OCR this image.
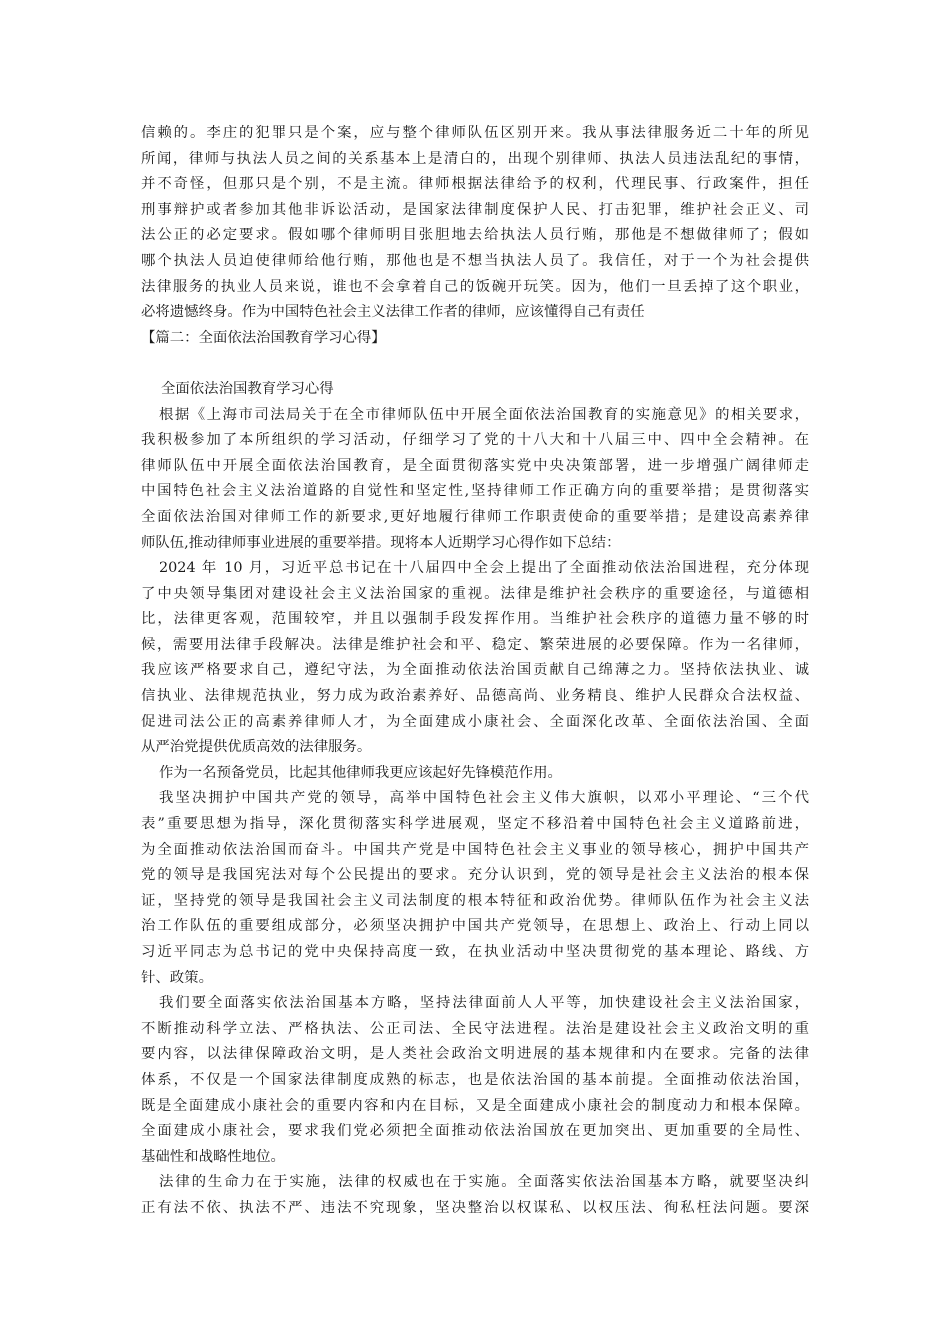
信赖的。李庄的犯罪只是个案，应与整个律师队伍区别开来。我从事法律服务近二十年的所见
所闻，律师与执法人员之间的关系基本上是清白的，出现个别律师、执法人员违法乱纪的事情，
并不奇怪，但那只是个别，不是主流。律师根据法律给予的权利，代理民事、行政案件，担任
刑事辩护或者参加其他非诉讼活动，是国家法律制度保护人民、打击犯罪，维护社会正义、司
法公正的必定要求。假如哪个律师明目张胆地去给执法人员行贿，那他是不想做律师了；假如
哪个执法人员迫使律师给他行贿，那他也是不想当执法人员了。我信任，对于一个为社会提供
法律服务的执业人员来说，谁也不会拿着自己的饭碗开玩笑。因为，他们一旦丢掉了这个职业，
必将遗憾终身。作为中国特色社会主义法律工作者的律师，应该懂得自己有责任
【篇二：全面依法治国教育学习心得】
全面依法治国教育学习心得
根据《上海市司法局关于在全市律师队伍中开展全面依法治国教育的实施意见》的相关要求，
我积极参加了本所组织的学习活动，仔细学习了党的十八大和十八届三中、四中全会精神。在
律师队伍中开展全面依法治国教育，是全面贯彻落实党中央决策部署，进一步增强广阔律师走
中国特色社会主义法治道路的自觉性和坚定性,坚持律师工作正确方向的重要举措；是贯彻落实
全面依法治国对律师工作的新要求,更好地履行律师工作职责使命的重要举措；是建设高素养律
师队伍,推动律师事业进展的重要举措。现将本人近期学习心得作如下总结：
2024 年 10 月，习近平总书记在十八届四中全会上提出了全面推动依法治国进程，充分体现
了中央领导集团对建设社会主义法治国家的重视。法律是维护社会秩序的重要途径，与道德相
比，法律更客观，范围较窄，并且以强制手段发挥作用。当维护社会秩序的道德力量不够的时
候，需要用法律手段解决。法律是维护社会和平、稳定、繁荣进展的必要保障。作为一名律师，
我应该严格要求自己，遵纪守法，为全面推动依法治国贡献自己绵薄之力。坚持依法执业、诚
信执业、法律规范执业，努力成为政治素养好、品德高尚、业务精良、维护人民群众合法权益、
促进司法公正的高素养律师人才，为全面建成小康社会、全面深化改革、全面依法治国、全面
从严治党提供优质高效的法律服务。
作为一名预备党员，比起其他律师我更应该起好先锋模范作用。
我坚决拥护中国共产党的领导，高举中国特色社会主义伟大旗帜，以邓小平理论、“三个代
表”重要思想为指导，深化贯彻落实科学进展观，坚定不移沿着中国特色社会主义道路前进，
为全面推动依法治国而奋斗。中国共产党是中国特色社会主义事业的领导核心，拥护中国共产
党的领导是我国宪法对每个公民提出的要求。充分认识到，党的领导是社会主义法治的根本保
证，坚持党的领导是我国社会主义司法制度的根本特征和政治优势。律师队伍作为社会主义法
治工作队伍的重要组成部分，必须坚决拥护中国共产党领导，在思想上、政治上、行动上同以
习近平同志为总书记的党中央保持高度一致，在执业活动中坚决贯彻党的基本理论、路线、方
针、政策。
我们要全面落实依法治国基本方略，坚持法律面前人人平等，加快建设社会主义法治国家，
不断推动科学立法、严格执法、公正司法、全民守法进程。法治是建设社会主义政治文明的重
要内容，以法律保障政治文明，是人类社会政治文明进展的基本规律和内在要求。完备的法律
体系，不仅是一个国家法律制度成熟的标志，也是依法治国的基本前提。全面推动依法治国，
既是全面建成小康社会的重要内容和内在目标，又是全面建成小康社会的制度动力和根本保障。
全面建成小康社会，要求我们党必须把全面推动依法治国放在更加突出、更加重要的全局性、
基础性和战略性地位。
法律的生命力在于实施，法律的权威也在于实施。全面落实依法治国基本方略，就要坚决纠
正有法不依、执法不严、违法不究现象，坚决整治以权谋私、以权压法、徇私枉法问题。要深
